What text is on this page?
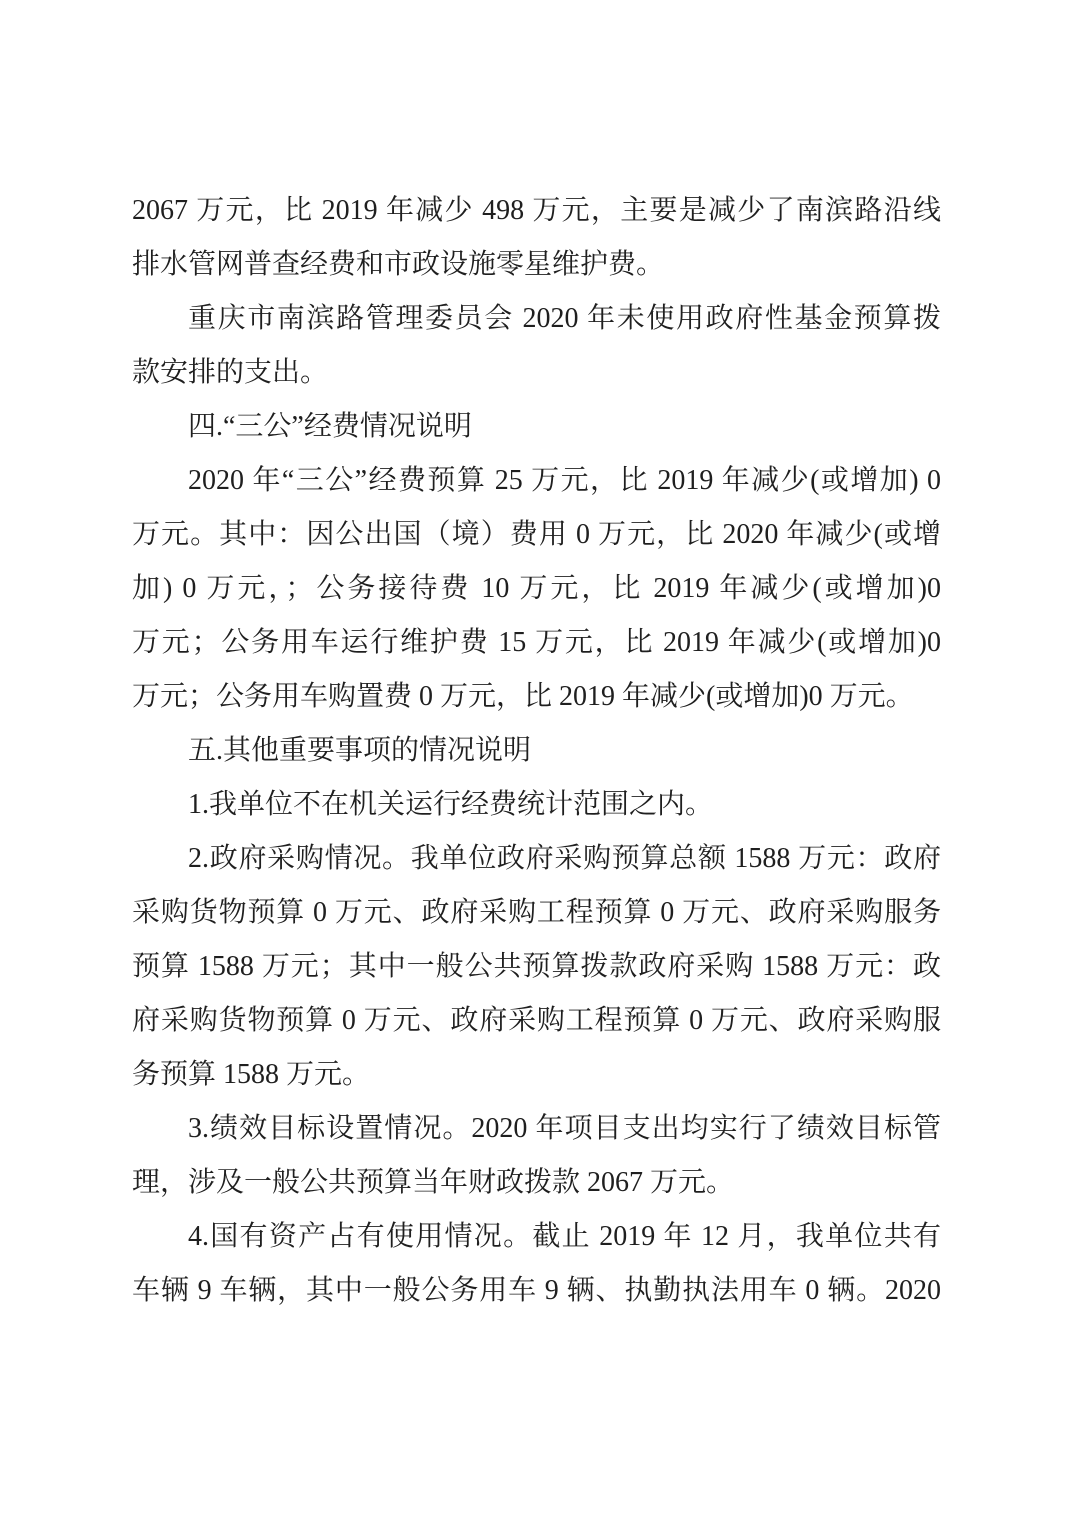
2067 万元，比 2019 年减少 498 万元，主要是减少了南滨路沿线
排水管网普查经费和市政设施零星维护费。
重庆市南滨路管理委员会 2020 年未使用政府性基金预算拨
款安排的支出。
四.“三公”经费情况说明
2020 年“三公”经费预算 25 万元，比 2019 年减少(或增加) 0
万元。其中：因公出国（境）费用 0 万元，比 2020 年减少(或增
加) 0 万元，；公务接待费 10 万元，比 2019 年减少(或增加)0
万元；公务用车运行维护费 15 万元，比 2019 年减少(或增加)0
万元；公务用车购置费 0 万元，比 2019 年减少(或增加)0 万元。
五.其他重要事项的情况说明
1.我单位不在机关运行经费统计范围之内。
2.政府采购情况。我单位政府采购预算总额 1588 万元：政府
采购货物预算 0 万元、政府采购工程预算 0 万元、政府采购服务
预算 1588 万元；其中一般公共预算拨款政府采购 1588 万元：政
府采购货物预算 0 万元、政府采购工程预算 0 万元、政府采购服
务预算 1588 万元。
3.绩效目标设置情况。2020 年项目支出均实行了绩效目标管
理，涉及一般公共预算当年财政拨款 2067 万元。
4.国有资产占有使用情况。截止 2019 年 12 月，我单位共有
车辆 9 车辆，其中一般公务用车 9 辆、执勤执法用车 0 辆。2020
